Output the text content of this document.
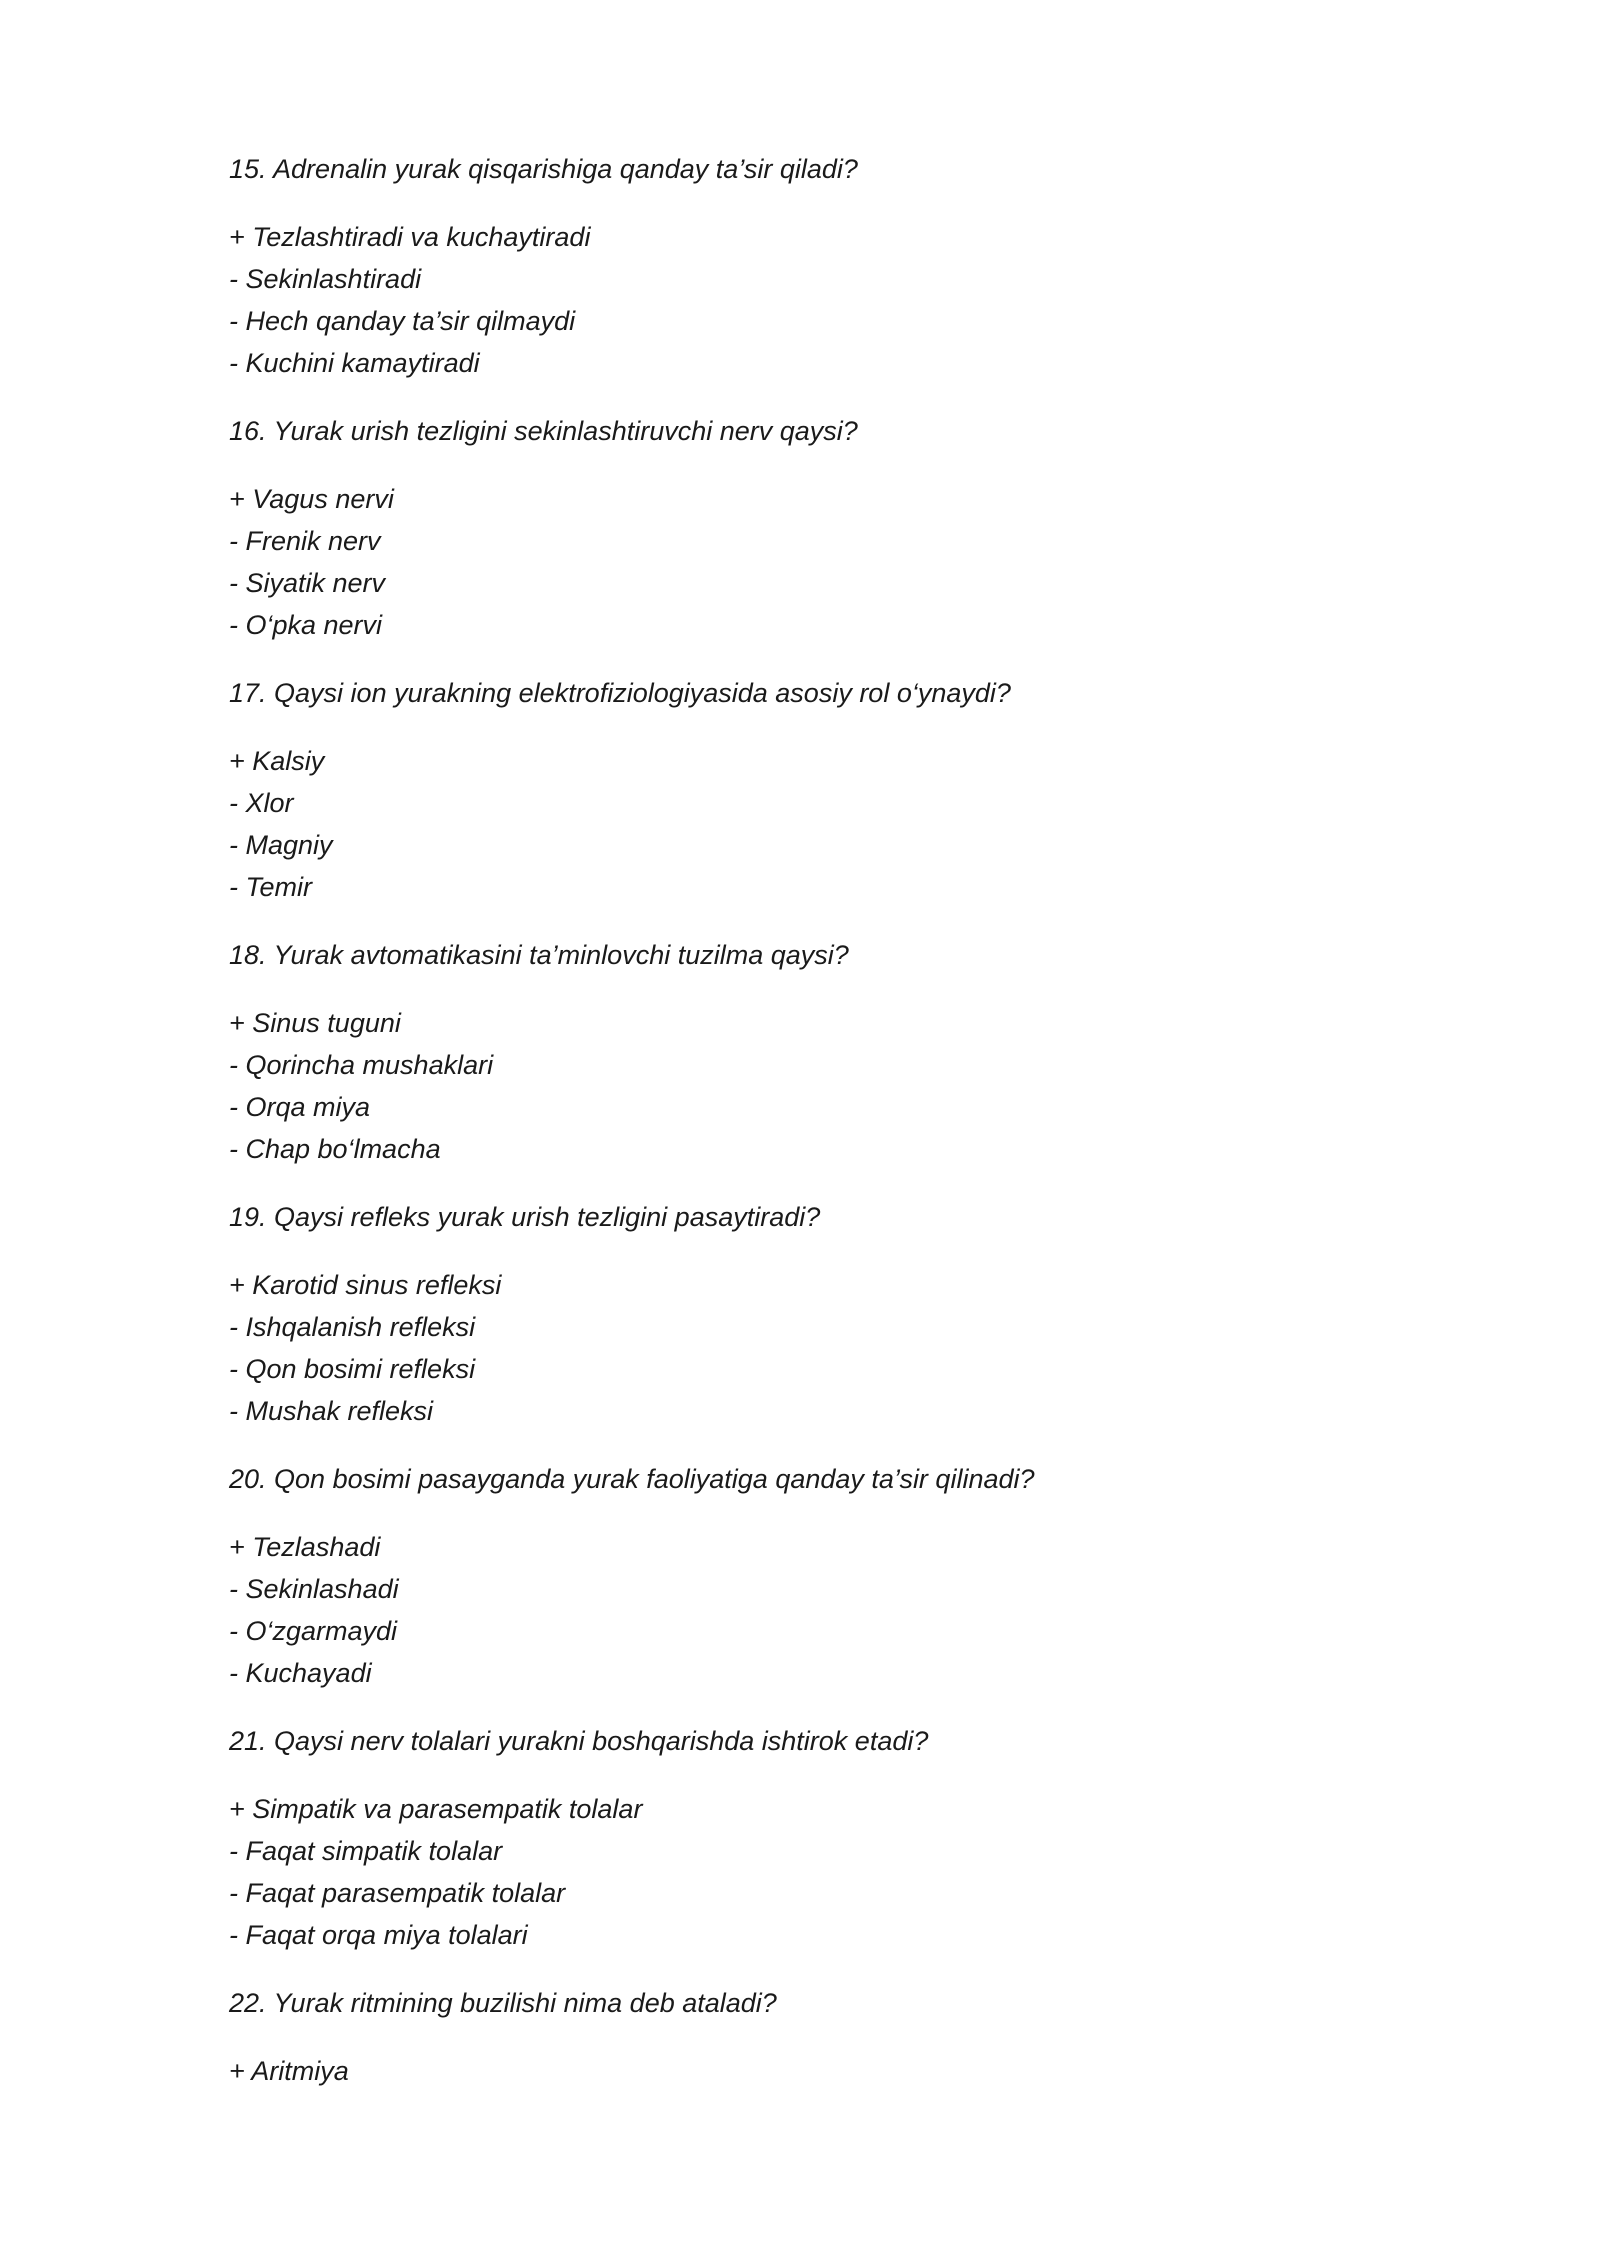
15. Adrenalin yurak qisqarishiga qanday ta’sir qiladi?
+ Tezlashtiradi va kuchaytiradi
- Sekinlashtiradi
- Hech qanday ta’sir qilmaydi
- Kuchini kamaytiradi
16. Yurak urish tezligini sekinlashtiruvchi nerv qaysi?
+ Vagus nervi
- Frenik nerv
- Siyatik nerv
- O‘pka nervi
17. Qaysi ion yurakning elektrofiziologiyasida asosiy rol o‘ynaydi?
+ Kalsiy
- Xlor
- Magniy
- Temir
18. Yurak avtomatikasini ta’minlovchi tuzilma qaysi?
+ Sinus tuguni
- Qorincha mushaklari
- Orqa miya
- Chap bo‘lmacha
19. Qaysi refleks yurak urish tezligini pasaytiradi?
+ Karotid sinus refleksi
- Ishqalanish refleksi
- Qon bosimi refleksi
- Mushak refleksi
20. Qon bosimi pasayganda yurak faoliyatiga qanday ta’sir qilinadi?
+ Tezlashadi
- Sekinlashadi
- O‘zgarmaydi
- Kuchayadi
21. Qaysi nerv tolalari yurakni boshqarishda ishtirok etadi?
+ Simpatik va parasempatik tolalar
- Faqat simpatik tolalar
- Faqat parasempatik tolalar
- Faqat orqa miya tolalari
22. Yurak ritmining buzilishi nima deb ataladi?
+ Aritmiya
